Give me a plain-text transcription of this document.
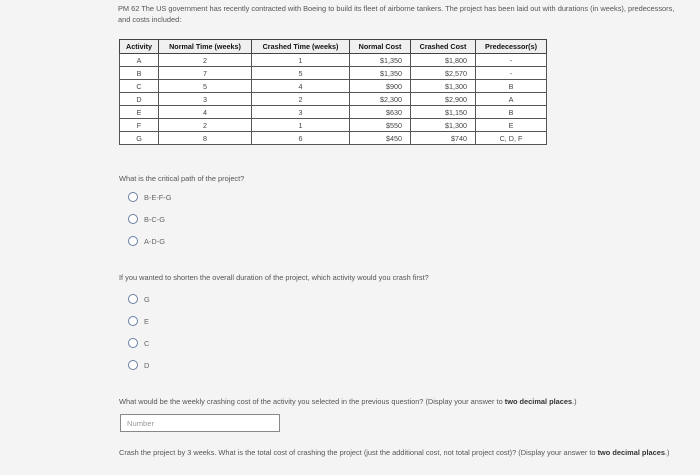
PM 62 The US government has recently contracted with Boeing to build its fleet of airborne tankers. The project has been laid out with durations (in weeks), predecessors, and costs included:
Activity	Normal Time (weeks)	Crashed Time (weeks)	Normal Cost	Crashed Cost	Predecessor(s)
A	2	1	$1,350	$1,800	-
B	7	5	$1,350	$2,570	-
C	5	4	$900	$1,300	B
D	3	2	$2,300	$2,900	A
E	4	3	$630	$1,150	B
F	2	1	$550	$1,300	E
G	8	6	$450	$740	C, D, F
What is the critical path of the project?
B-E-F-G
B-C-G
A-D-G
If you wanted to shorten the overall duration of the project, which activity would you crash first?
G
E
C
D
What would be the weekly crashing cost of the activity you selected in the previous question? (Display your answer to two decimal places.)
Number
Crash the project by 3 weeks. What is the total cost of crashing the project (just the additional cost, not total project cost)? (Display your answer to two decimal places.)
